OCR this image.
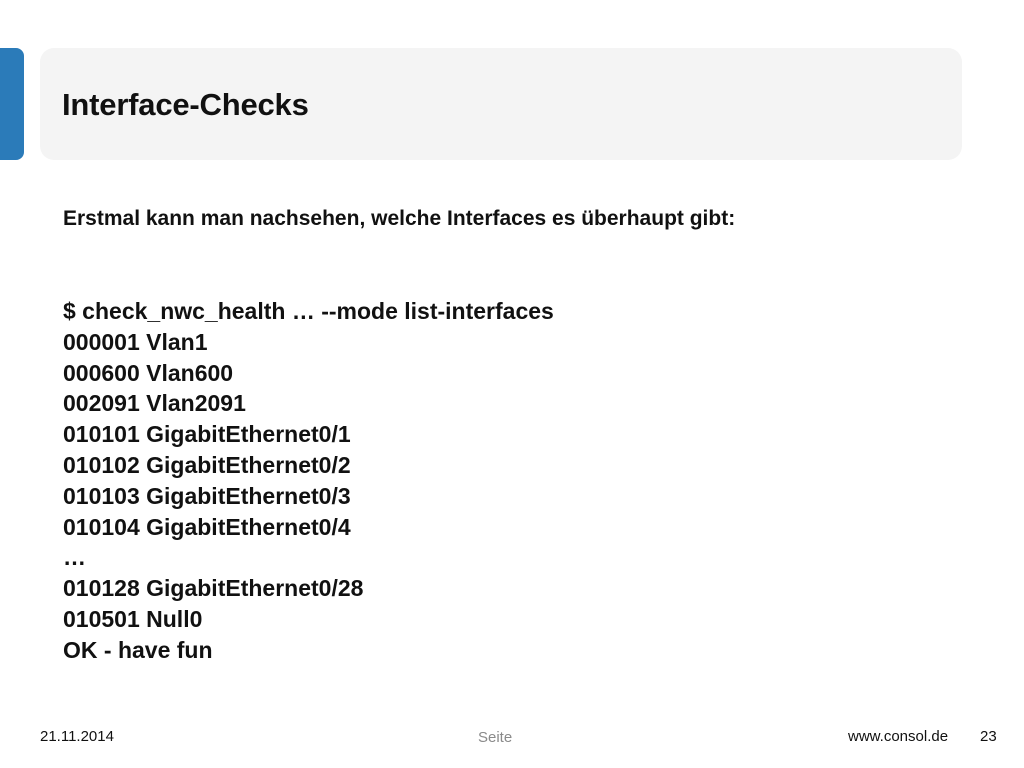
Interface-Checks

Erstmal kann man nachsehen, welche Interfaces es überhaupt gibt:

$ check_nwc_health … --mode list-interfaces
000001 Vlan1
000600 Vlan600
002091 Vlan2091
010101 GigabitEthernet0/1
010102 GigabitEthernet0/2
010103 GigabitEthernet0/3
010104 GigabitEthernet0/4
…
010128 GigabitEthernet0/28
010501 Null0
OK - have fun
21.11.2014	Seite	www.consol.de 23
